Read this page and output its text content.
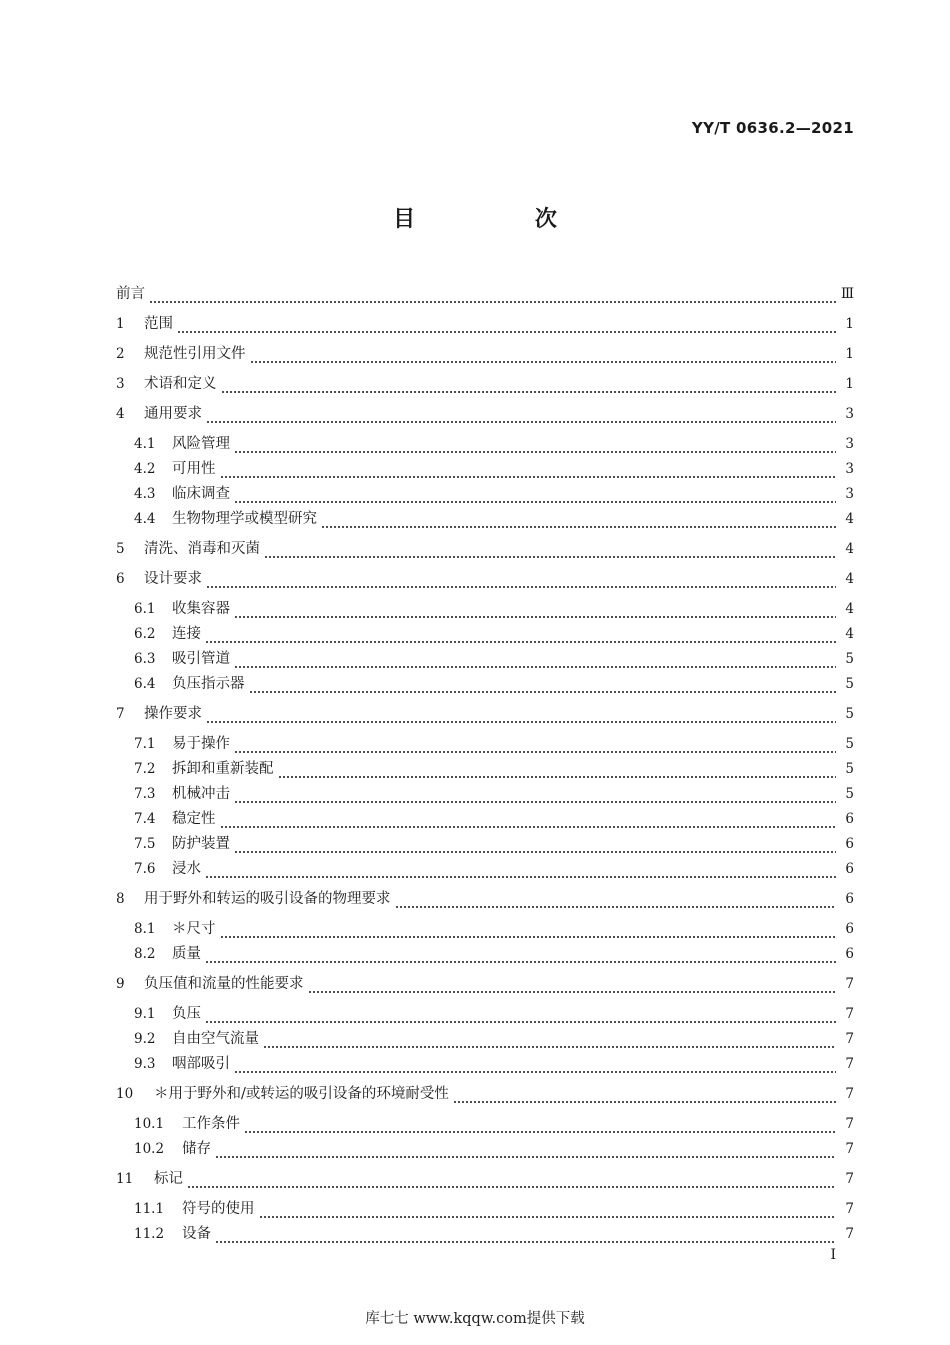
YY/T 0636.2—2021
目 次
前言	Ⅲ
1	范围	1
2	规范性引用文件	1
3	术语和定义	1
4	通用要求	3
4.1	风险管理	3
4.2	可用性	3
4.3	临床调查	3
4.4	生物物理学或模型研究	4
5	清洗、消毒和灭菌	4
6	设计要求	4
6.1	收集容器	4
6.2	连接	4
6.3	吸引管道	5
6.4	负压指示器	5
7	操作要求	5
7.1	易于操作	5
7.2	拆卸和重新装配	5
7.3	机械冲击	5
7.4	稳定性	6
7.5	防护装置	6
7.6	浸水	6
8	用于野外和转运的吸引设备的物理要求	6
8.1	＊尺寸	6
8.2	质量	6
9	负压值和流量的性能要求	7
9.1	负压	7
9.2	自由空气流量	7
9.3	咽部吸引	7
10	＊用于野外和/或转运的吸引设备的环境耐受性	7
10.1	工作条件	7
10.2	储存	7
11	标记	7
11.1	符号的使用	7
11.2	设备	7
I
库七七 www.kqqw.com提供下载
